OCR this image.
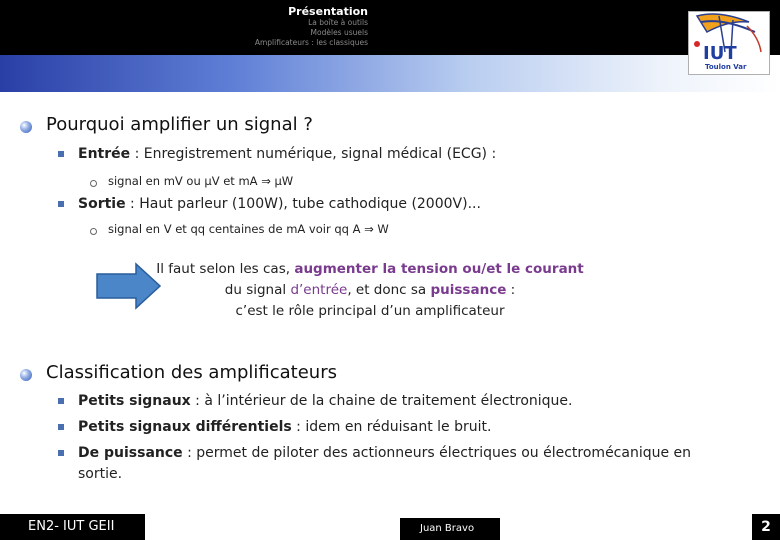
Présentation
La boîte à outils
Modèles usuels
Amplificateurs : les classiques
IUT
Toulon Var
Pourquoi amplifier un signal ?
Entrée : Enregistrement numérique, signal médical (ECG) :
signal en mV ou µV et mA ⇒ µW
Sortie : Haut parleur (100W), tube cathodique (2000V)...
signal en V et qq centaines de mA voir qq A ⇒ W
Il faut selon les cas, augmenter la tension ou/et le courant du signal d’entrée, et donc sa puissance :
c’est le rôle principal d’un amplificateur
Classification des amplificateurs
Petits signaux : à l’intérieur de la chaine de traitement électronique.
Petits signaux différentiels : idem en réduisant le bruit.
De puissance : permet de piloter des actionneurs électriques ou électromécanique en
sortie.
EN2- IUT GEII	Juan Bravo	2
